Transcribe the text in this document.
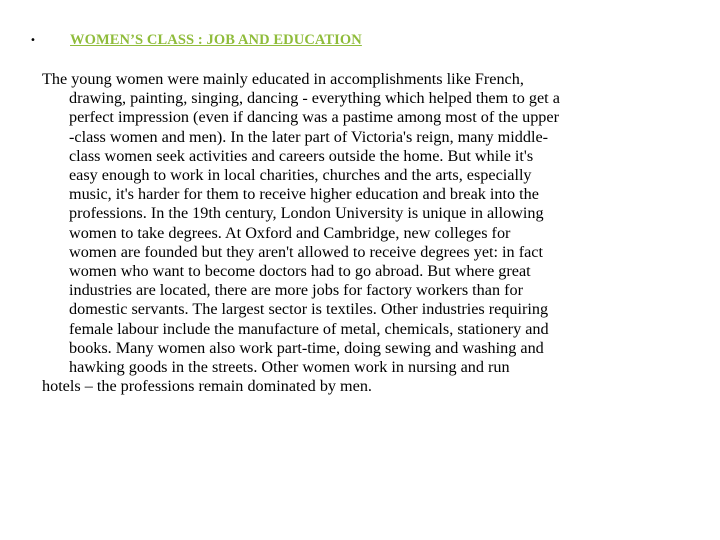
•	WOMEN’S CLASS : JOB AND EDUCATION
The young women were mainly educated in accomplishments like French,
drawing, painting, singing, dancing - everything which helped them to get a
perfect impression (even if dancing was a pastime among most of the upper
-class women and men). In the later part of Victoria's reign, many middle-
class women seek activities and careers outside the home. But while it's
easy enough to work in local charities, churches and the arts, especially
music, it's harder for them to receive higher education and break into the
professions. In the 19th century, London University is unique in allowing
women to take degrees. At Oxford and Cambridge, new colleges for
women are founded but they aren't allowed to receive degrees yet: in fact
women who want to become doctors had to go abroad. But where great
industries are located, there are more jobs for factory workers than for
domestic servants. The largest sector is textiles. Other industries requiring
female labour include the manufacture of metal, chemicals, stationery and
books. Many women also work part-time, doing sewing and washing and
hawking goods in the streets. Other women work in nursing and run
hotels – the professions remain dominated by men.
